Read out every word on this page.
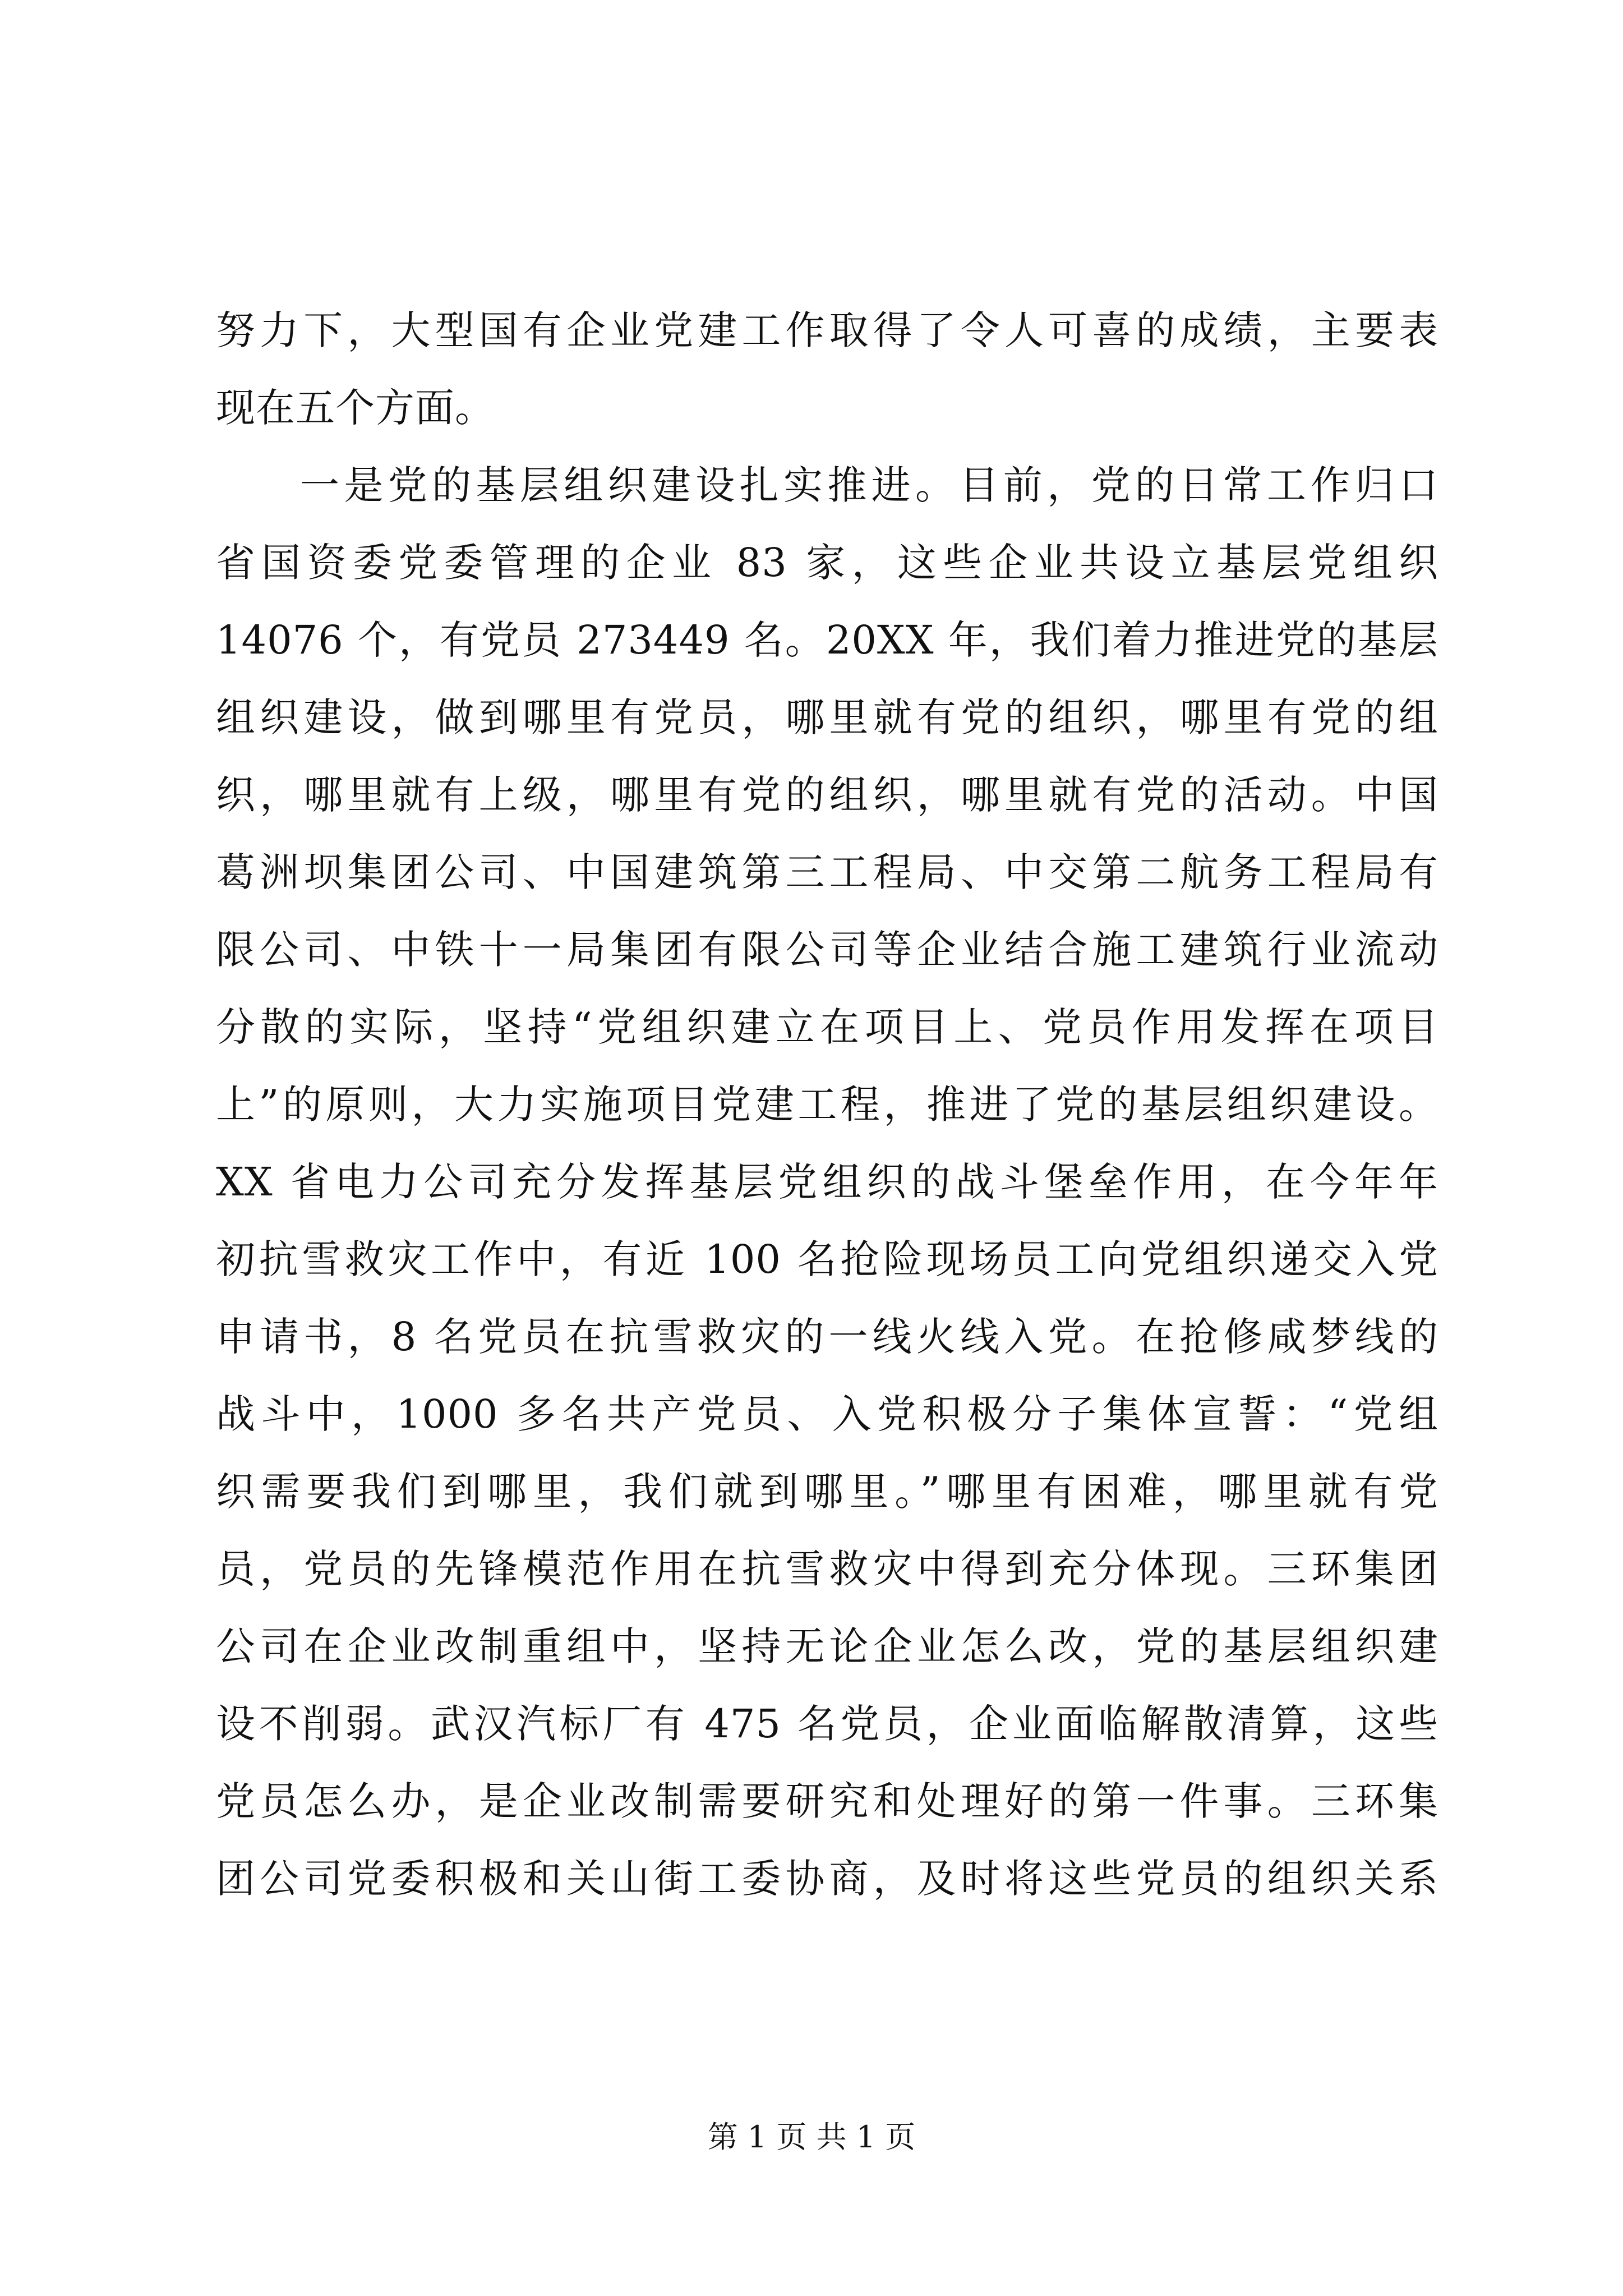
努力下，大型国有企业党建工作取得了令人可喜的成绩，主要表
现在五个方面。
一是党的基层组织建设扎实推进。目前，党的日常工作归口
省国资委党委管理的企业 83 家，这些企业共设立基层党组织
14076 个，有党员 273449 名。20XX 年，我们着力推进党的基层
组织建设，做到哪里有党员，哪里就有党的组织，哪里有党的组
织，哪里就有上级，哪里有党的组织，哪里就有党的活动。中国
葛洲坝集团公司、中国建筑第三工程局、中交第二航务工程局有
限公司、中铁十一局集团有限公司等企业结合施工建筑行业流动
分散的实际，坚持“党组织建立在项目上、党员作用发挥在项目
上”的原则，大力实施项目党建工程，推进了党的基层组织建设。
XX 省电力公司充分发挥基层党组织的战斗堡垒作用，在今年年
初抗雪救灾工作中，有近 100 名抢险现场员工向党组织递交入党
申请书，8 名党员在抗雪救灾的一线火线入党。在抢修咸梦线的
战斗中，1000 多名共产党员、入党积极分子集体宣誓：“党组
织需要我们到哪里，我们就到哪里。”哪里有困难，哪里就有党
员，党员的先锋模范作用在抗雪救灾中得到充分体现。三环集团
公司在企业改制重组中，坚持无论企业怎么改，党的基层组织建
设不削弱。武汉汽标厂有 475 名党员，企业面临解散清算，这些
党员怎么办，是企业改制需要研究和处理好的第一件事。三环集
团公司党委积极和关山街工委协商，及时将这些党员的组织关系
第 1 页 共 1 页
